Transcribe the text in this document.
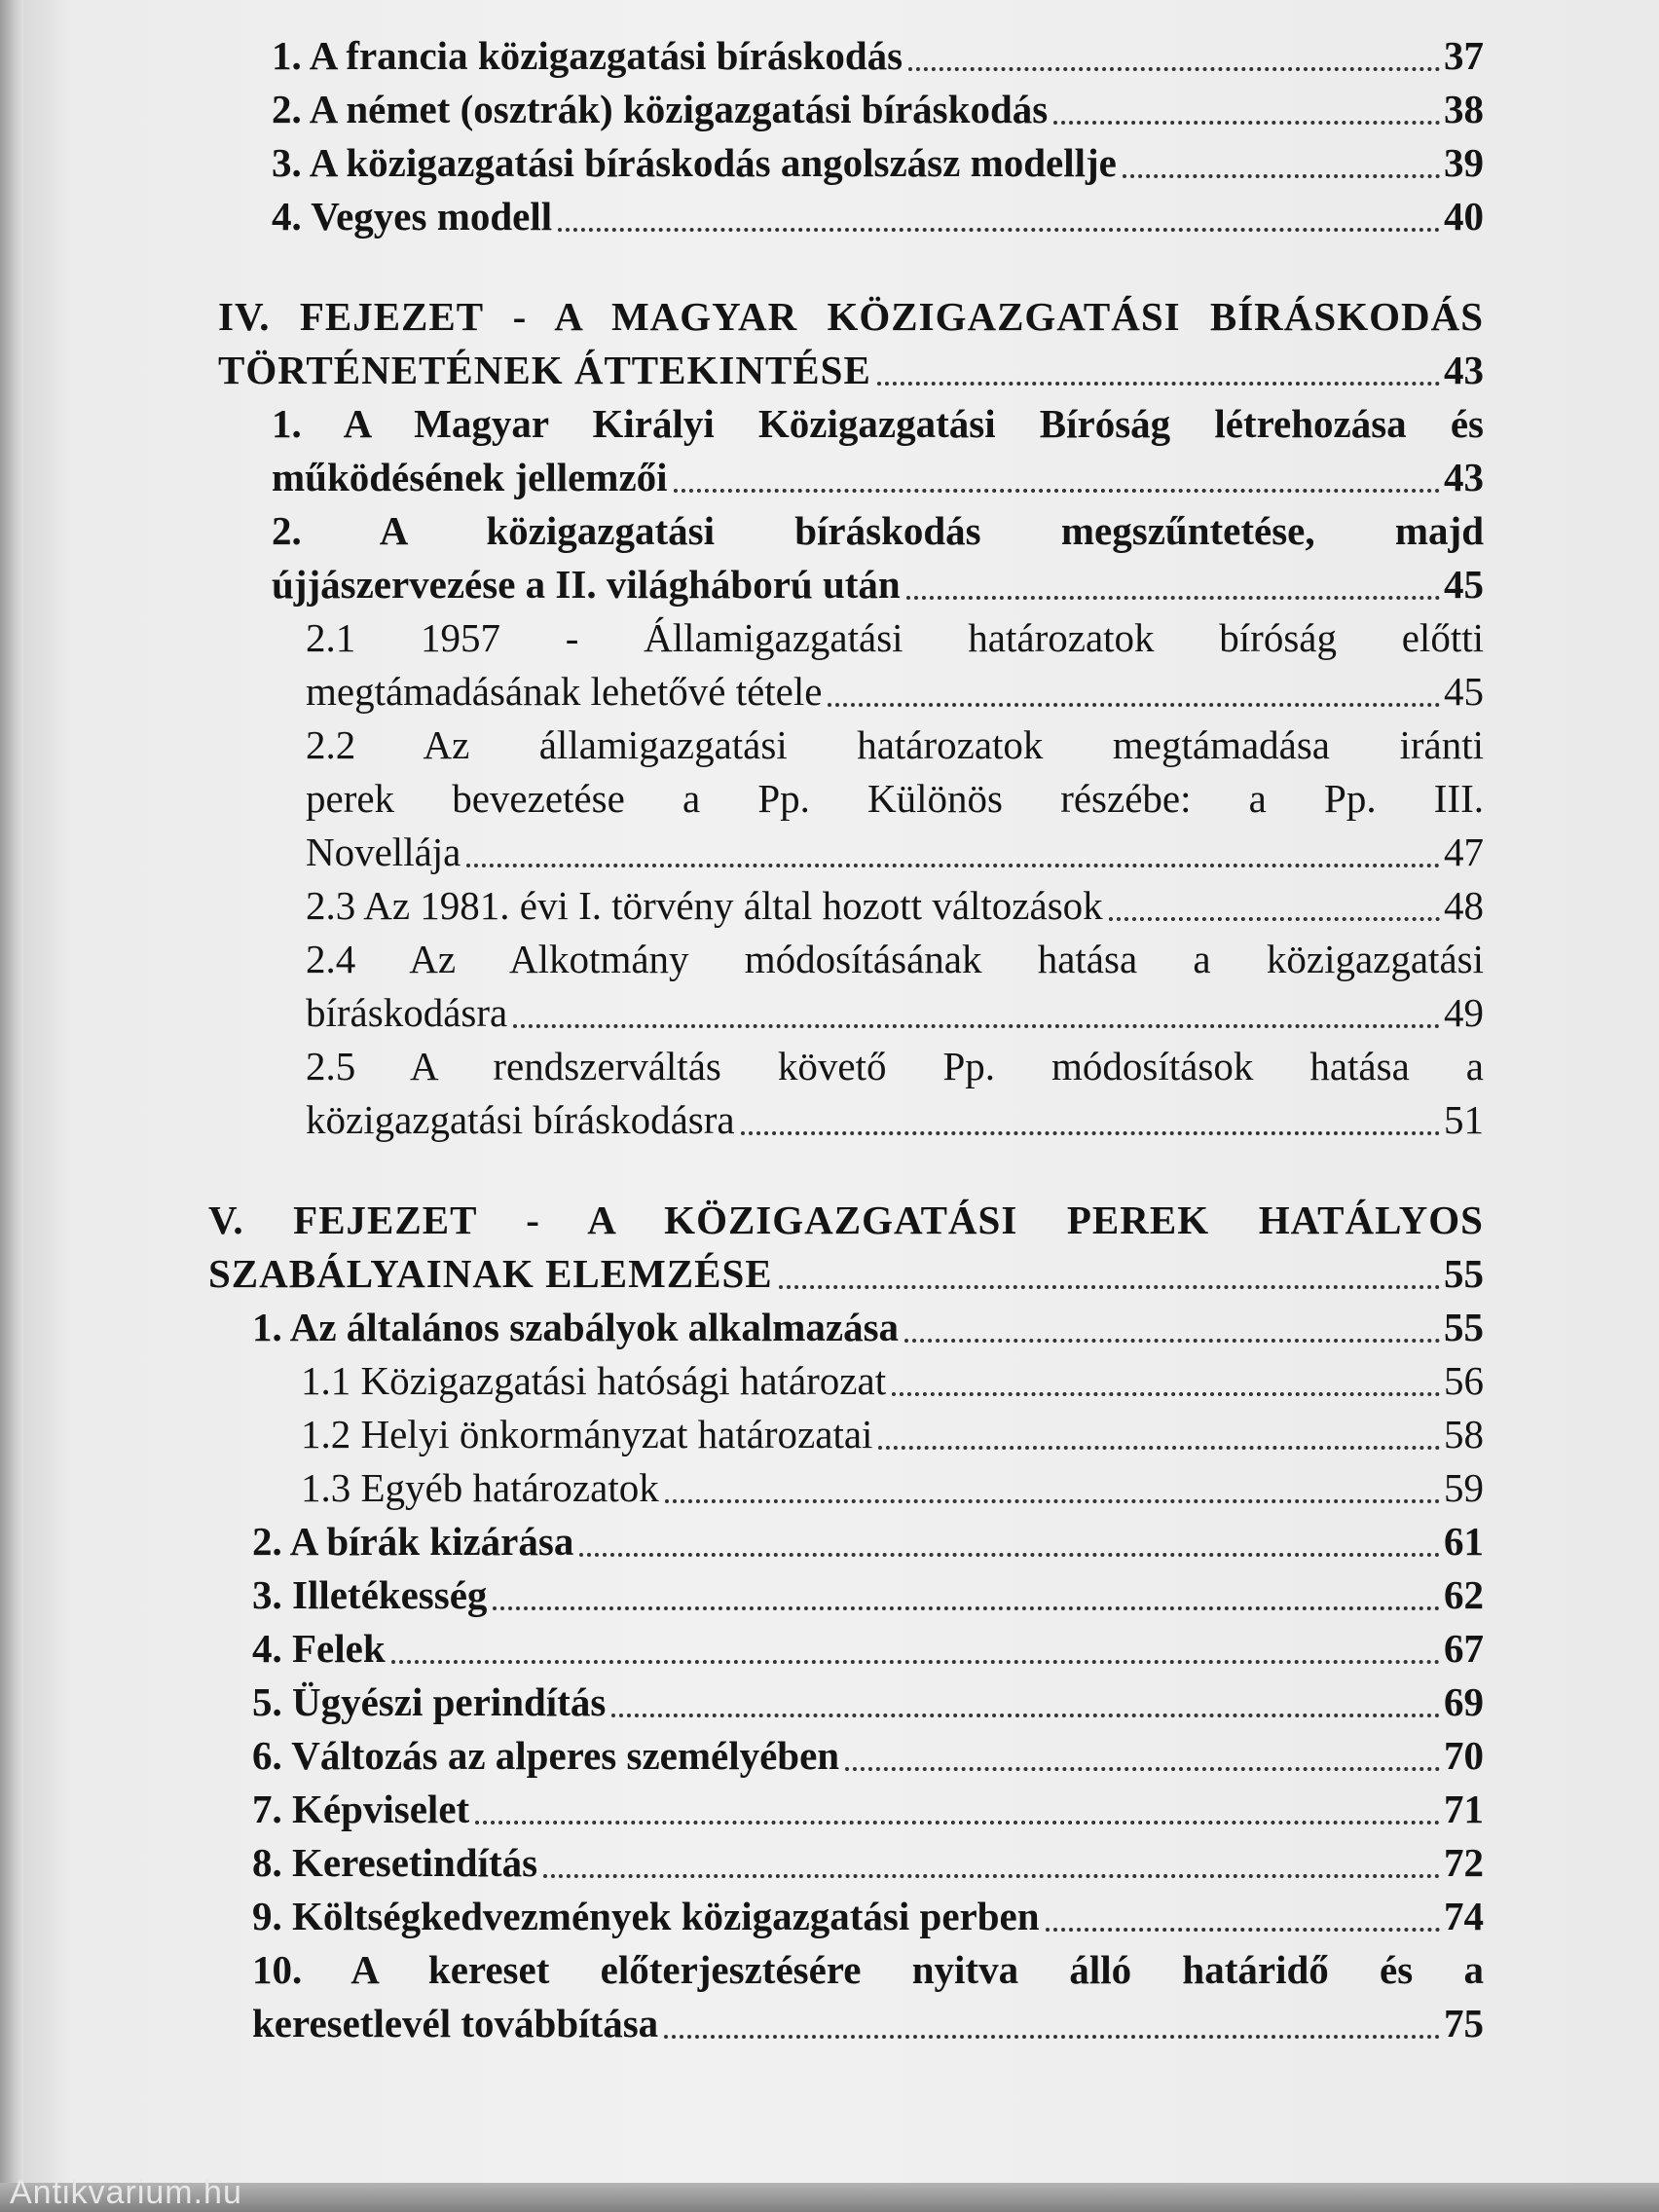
1. A francia közigazgatási bíráskodás	37
2. A német (osztrák) közigazgatási bíráskodás	38
3. A közigazgatási bíráskodás angolszász modellje	39
4. Vegyes modell	40
IV. FEJEZET - A MAGYAR KÖZIGAZGATÁSI BÍRÁSKODÁS
TÖRTÉNETÉNEK ÁTTEKINTÉSE	43
1. A Magyar Királyi Közigazgatási Bíróság létrehozása és
működésének jellemzői	43
2. A közigazgatási bíráskodás megszűntetése, majd
újjászervezése a II. világháború után	45
2.1 1957 - Államigazgatási határozatok bíróság előtti
megtámadásának lehetővé tétele	45
2.2 Az államigazgatási határozatok megtámadása iránti
perek bevezetése a Pp. Különös részébe: a Pp. III.
Novellája	47
2.3 Az 1981. évi I. törvény által hozott változások	48
2.4 Az Alkotmány módosításának hatása a közigazgatási
bíráskodásra	49
2.5 A rendszerváltás követő Pp. módosítások hatása a
közigazgatási bíráskodásra	51
V. FEJEZET - A KÖZIGAZGATÁSI PEREK HATÁLYOS
SZABÁLYAINAK ELEMZÉSE	55
1. Az általános szabályok alkalmazása	55
1.1 Közigazgatási hatósági határozat	56
1.2 Helyi önkormányzat határozatai	58
1.3 Egyéb határozatok	59
2. A bírák kizárása	61
3. Illetékesség	62
4. Felek	67
5. Ügyészi perindítás	69
6. Változás az alperes személyében	70
7. Képviselet	71
8. Keresetindítás	72
9. Költségkedvezmények közigazgatási perben	74
10. A kereset előterjesztésére nyitva álló határidő és a
keresetlevél továbbítása	75
Antikvarium.hu
